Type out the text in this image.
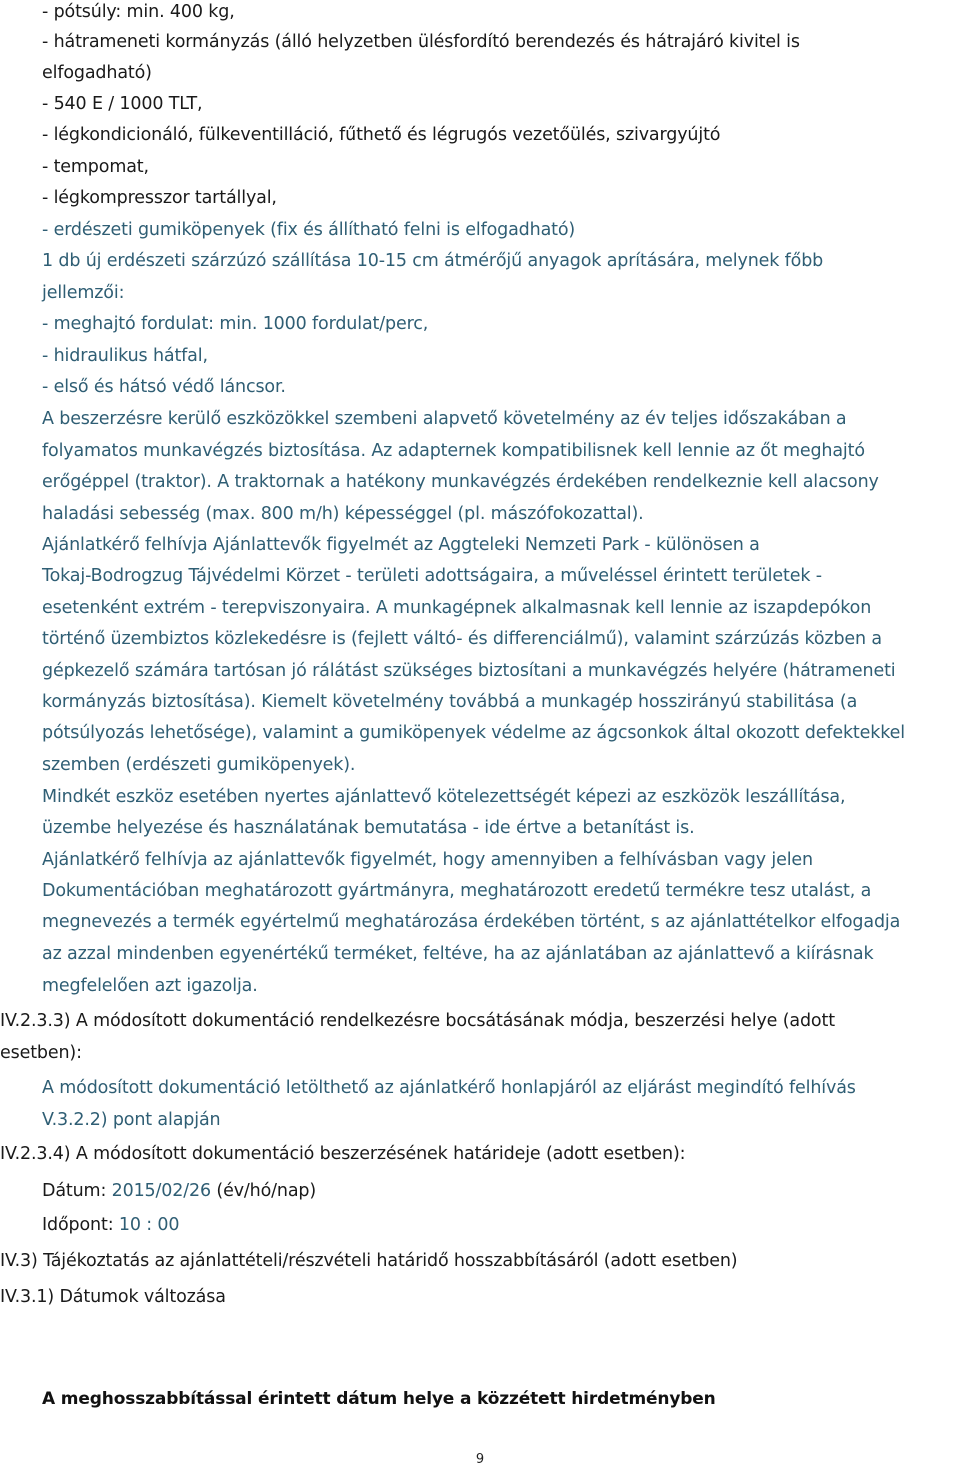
- pótsúly: min. 400 kg,
- hátrameneti kormányzás (álló helyzetben ülésfordító berendezés és hátrajáró kivitel is
elfogadható)
- 540 E / 1000 TLT,
- légkondicionáló, fülkeventilláció, fűthető és légrugós vezetőülés, szivargyújtó
- tempomat,
- légkompresszor tartállyal,
- erdészeti gumiköpenyek (fix és állítható felni is elfogadható)
1 db új erdészeti szárzúzó szállítása 10-15 cm átmérőjű anyagok aprítására, melynek főbb
jellemzői:
- meghajtó fordulat: min. 1000 fordulat/perc,
- hidraulikus hátfal,
- első és hátsó védő láncsor.
A beszerzésre kerülő eszközökkel szembeni alapvető követelmény az év teljes időszakában a
folyamatos munkavégzés biztosítása. Az adapternek kompatibilisnek kell lennie az őt meghajtó
erőgéppel (traktor). A traktornak a hatékony munkavégzés érdekében rendelkeznie kell alacsony
haladási sebesség (max. 800 m/h) képességgel (pl. mászófokozattal).
Ajánlatkérő felhívja Ajánlattevők figyelmét az Aggteleki Nemzeti Park - különösen a
Tokaj-Bodrogzug Tájvédelmi Körzet - területi adottságaira, a műveléssel érintett területek -
esetenként extrém - terepviszonyaira. A munkagépnek alkalmasnak kell lennie az iszapdepókon
történő üzembiztos közlekedésre is (fejlett váltó- és differenciálmű), valamint szárzúzás közben a
gépkezelő számára tartósan jó rálátást szükséges biztosítani a munkavégzés helyére (hátrameneti
kormányzás biztosítása). Kiemelt követelmény továbbá a munkagép hosszirányú stabilitása (a
pótsúlyozás lehetősége), valamint a gumiköpenyek védelme az ágcsonkok által okozott defektekkel
szemben (erdészeti gumiköpenyek).
Mindkét eszköz esetében nyertes ajánlattevő kötelezettségét képezi az eszközök leszállítása,
üzembe helyezése és használatának bemutatása - ide értve a betanítást is.
Ajánlatkérő felhívja az ajánlattevők figyelmét, hogy amennyiben a felhívásban vagy jelen
Dokumentációban meghatározott gyártmányra, meghatározott eredetű termékre tesz utalást, a
megnevezés a termék egyértelmű meghatározása érdekében történt, s az ajánlattételkor elfogadja
az azzal mindenben egyenértékű terméket, feltéve, ha az ajánlatában az ajánlattevő a kiírásnak
megfelelően azt igazolja.
IV.2.3.3) A módosított dokumentáció rendelkezésre bocsátásának módja, beszerzési helye (adott
esetben):
A módosított dokumentáció letölthető az ajánlatkérő honlapjáról az eljárást megindító felhívás
V.3.2.2) pont alapján
IV.2.3.4) A módosított dokumentáció beszerzésének határideje (adott esetben):
Dátum: 2015/02/26 (év/hó/nap)
Időpont: 10 : 00
IV.3) Tájékoztatás az ajánlattételi/részvételi határidő hosszabbításáról (adott esetben)
IV.3.1) Dátumok változása
A meghosszabbítással érintett dátum helye a közzétett hirdetményben
9
